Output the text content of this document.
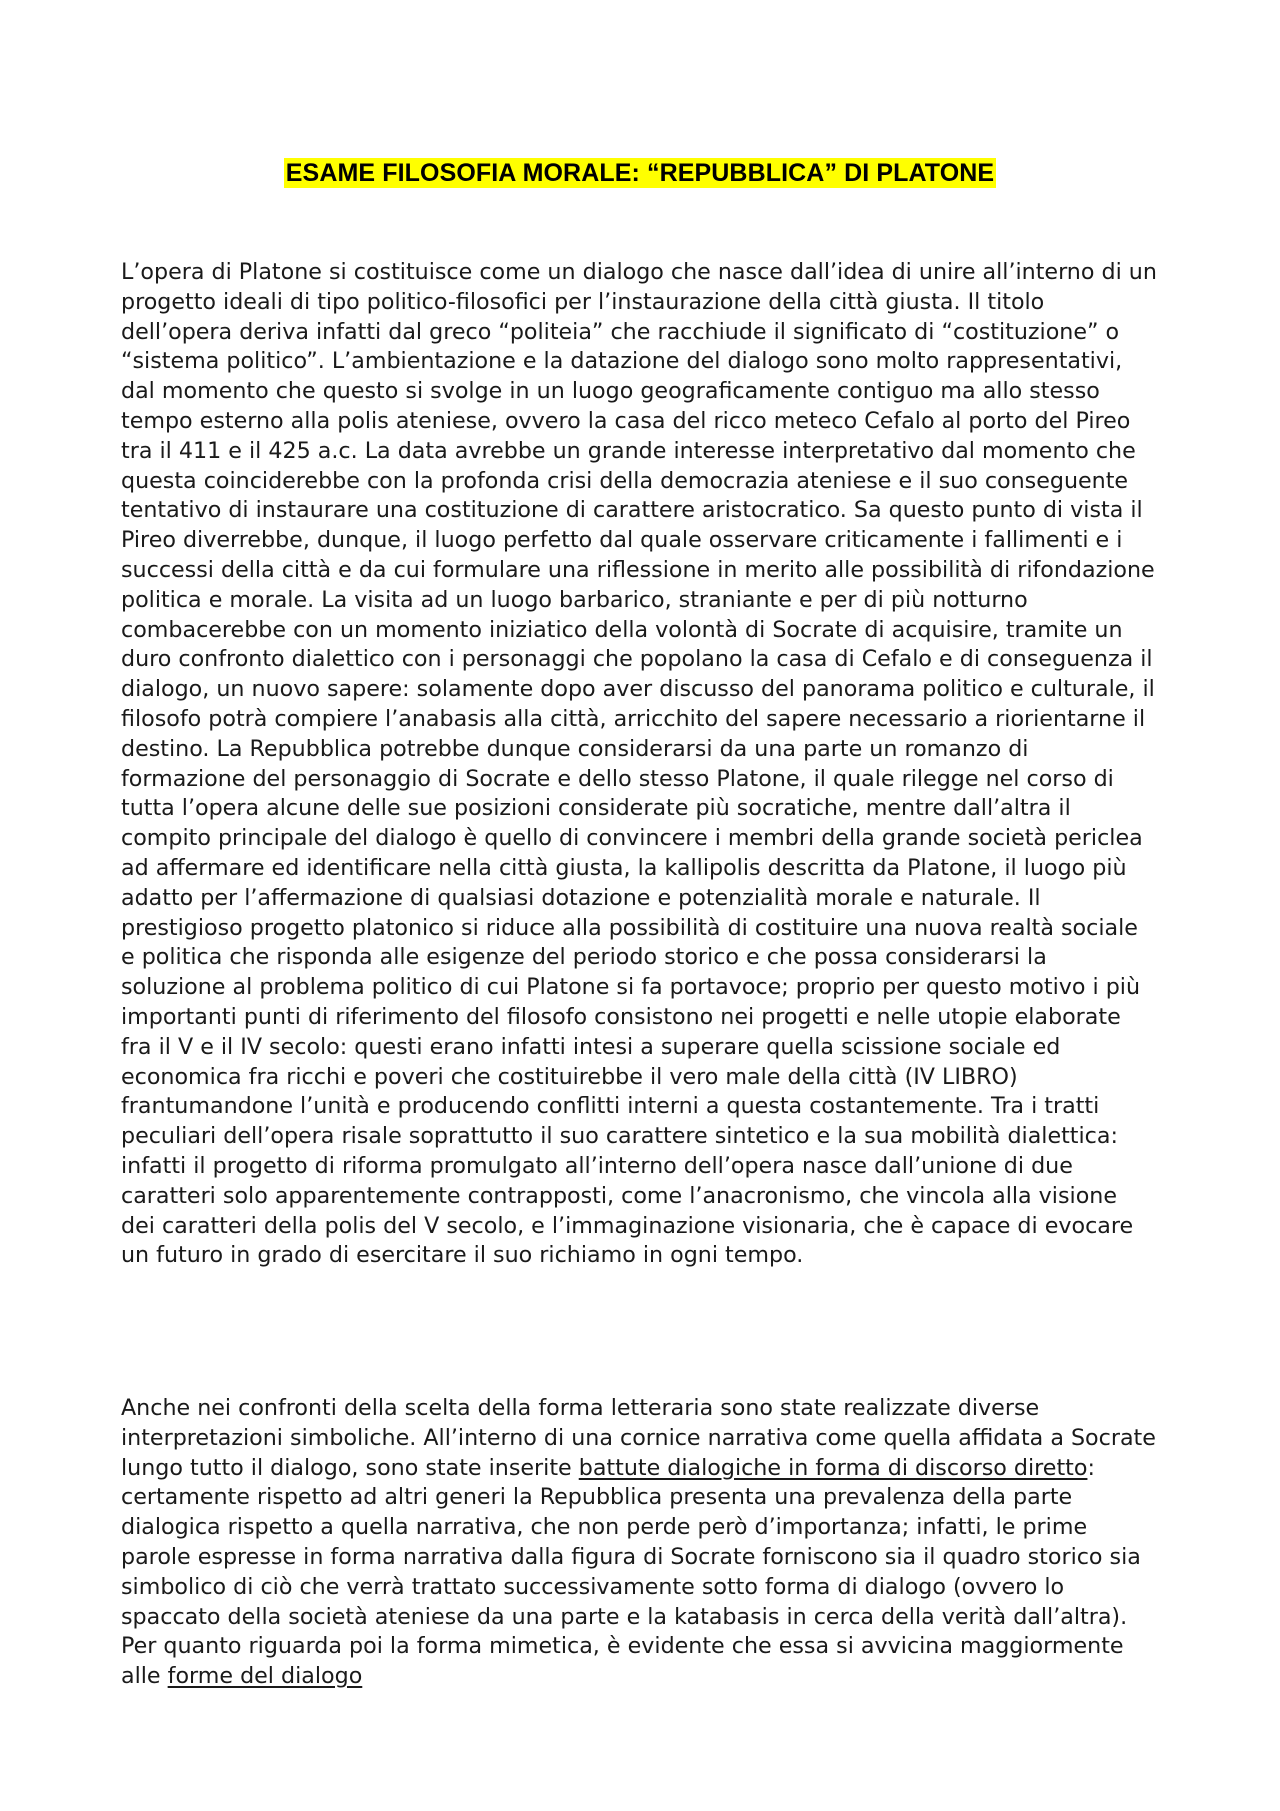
ESAME FILOSOFIA MORALE: “REPUBBLICA” DI PLATONE

L’opera di Platone si costituisce come un dialogo che nasce dall’idea di unire all’interno di un progetto ideali di tipo politico-filosofici per l’instaurazione della città giusta. Il titolo dell’opera deriva infatti dal greco “politeia” che racchiude il significato di “costituzione” o “sistema politico”. L’ambientazione e la datazione del dialogo sono molto rappresentativi, dal momento che questo si svolge in un luogo geograficamente contiguo ma allo stesso tempo esterno alla polis ateniese, ovvero la casa del ricco meteco Cefalo al porto del Pireo tra il 411 e il 425 a.c. La data avrebbe un grande interesse interpretativo dal momento che questa coinciderebbe con la profonda crisi della democrazia ateniese e il suo conseguente tentativo di instaurare una costituzione di carattere aristocratico. Sa questo punto di vista il Pireo diverrebbe, dunque, il luogo perfetto dal quale osservare criticamente i fallimenti e i successi della città e da cui formulare una riflessione in merito alle possibilità di rifondazione politica e morale. La visita ad un luogo barbarico, straniante e per di più notturno combacerebbe con un momento iniziatico della volontà di Socrate di acquisire, tramite un duro confronto dialettico con i personaggi che popolano la casa di Cefalo e di conseguenza il dialogo, un nuovo sapere: solamente dopo aver discusso del panorama politico e culturale, il filosofo potrà compiere l’anabasis alla città, arricchito del sapere necessario a riorientarne il destino. La Repubblica potrebbe dunque considerarsi da una parte un romanzo di formazione del personaggio di Socrate e dello stesso Platone, il quale rilegge nel corso di tutta l’opera alcune delle sue posizioni considerate più socratiche, mentre dall’altra il compito principale del dialogo è quello di convincere i membri della grande società periclea ad affermare ed identificare nella città giusta, la kallipolis descritta da Platone, il luogo più adatto per l’affermazione di qualsiasi dotazione e potenzialità morale e naturale. Il prestigioso progetto platonico si riduce alla possibilità di costituire una nuova realtà sociale e politica che risponda alle esigenze del periodo storico e che possa considerarsi la soluzione al problema politico di cui Platone si fa portavoce; proprio per questo motivo i più importanti punti di riferimento del filosofo consistono nei progetti e nelle utopie elaborate fra il V e il IV secolo: questi erano infatti intesi a superare quella scissione sociale ed economica fra ricchi e poveri che costituirebbe il vero male della città (IV LIBRO) frantumandone l’unità e producendo conflitti interni a questa costantemente. Tra i tratti peculiari dell’opera risale soprattutto il suo carattere sintetico e la sua mobilità dialettica: infatti il progetto di riforma promulgato all’interno dell’opera nasce dall’unione di due caratteri solo apparentemente contrapposti, come l’anacronismo, che vincola alla visione dei caratteri della polis del V secolo, e l’immaginazione visionaria, che è capace di evocare un futuro in grado di esercitare il suo richiamo in ogni tempo.

Anche nei confronti della scelta della forma letteraria sono state realizzate diverse interpretazioni simboliche. All’interno di una cornice narrativa come quella affidata a Socrate lungo tutto il dialogo, sono state inserite battute dialogiche in forma di discorso diretto: certamente rispetto ad altri generi la Repubblica presenta una prevalenza della parte dialogica rispetto a quella narrativa, che non perde però d’importanza; infatti, le prime parole espresse in forma narrativa dalla figura di Socrate forniscono sia il quadro storico sia simbolico di ciò che verrà trattato successivamente sotto forma di dialogo (ovvero lo spaccato della società ateniese da una parte e la katabasis in cerca della verità dall’altra). Per quanto riguarda poi la forma mimetica, è evidente che essa si avvicina maggiormente alle forme del dialogo
